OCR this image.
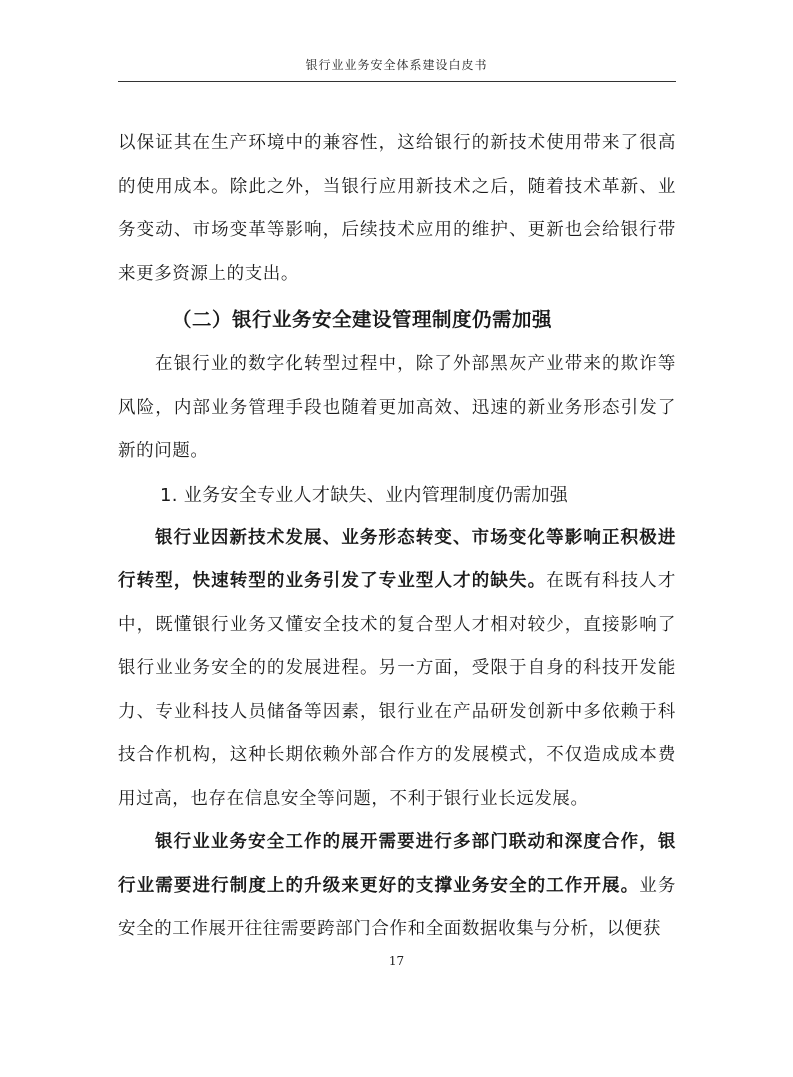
银行业业务安全体系建设白皮书

以保证其在生产环境中的兼容性，这给银行的新技术使用带来了很高的使用成本。除此之外，当银行应用新技术之后，随着技术革新、业务变动、市场变革等影响，后续技术应用的维护、更新也会给银行带来更多资源上的支出。

（二）银行业务安全建设管理制度仍需加强

在银行业的数字化转型过程中，除了外部黑灰产业带来的欺诈等风险，内部业务管理手段也随着更加高效、迅速的新业务形态引发了新的问题。

1. 业务安全专业人才缺失、业内管理制度仍需加强

银行业因新技术发展、业务形态转变、市场变化等影响正积极进行转型，快速转型的业务引发了专业型人才的缺失。在既有科技人才中，既懂银行业务又懂安全技术的复合型人才相对较少，直接影响了银行业业务安全的的发展进程。另一方面，受限于自身的科技开发能力、专业科技人员储备等因素，银行业在产品研发创新中多依赖于科技合作机构，这种长期依赖外部合作方的发展模式，不仅造成成本费用过高，也存在信息安全等问题，不利于银行业长远发展。

银行业业务安全工作的展开需要进行多部门联动和深度合作，银行业需要进行制度上的升级来更好的支撑业务安全的工作开展。业务安全的工作展开往往需要跨部门合作和全面数据收集与分析，以便获

17
